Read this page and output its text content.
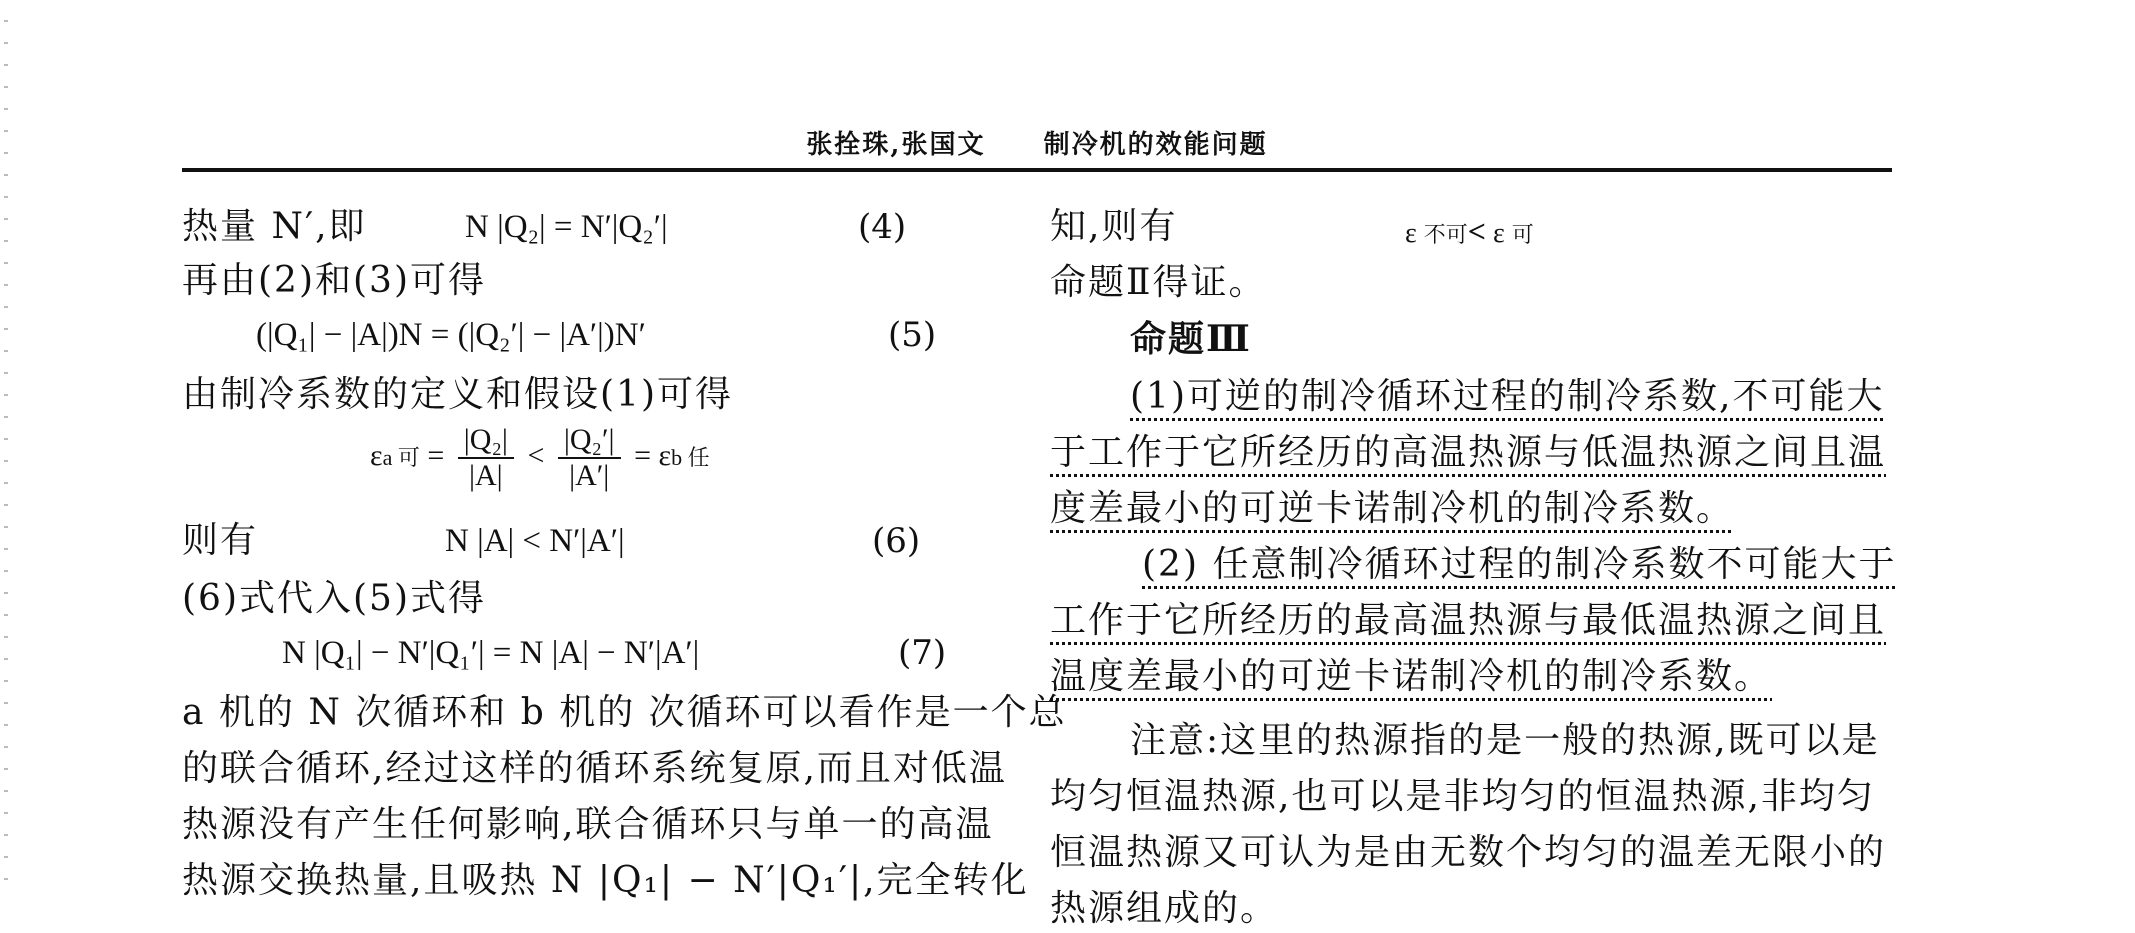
张拴珠,张国文 制冷机的效能问题
热量 N′,即	N |Q₂| = N′|Q₂′|	(4)
再由(2)和(3)可得
(|Q₁| − |A|)N = (|Q₂′| − |A′|)N′	(5)
由制冷系数的定义和假设(1)可得
εa 可 = $\frac{\text{|Q₂|}}{|A|} < \frac{\text{|Q₂′|}}{|A'|} = \varepsilon b$ 任
则有	N |A| < N′|A′|	(6)
(6)式代入(5)式得
N |Q₁| − N′|Q₁′| = N |A| − N′|A′|	(7)
a 机的 N 次循环和 b 机的 次循环可以看作是一个总
的联合循环,经过这样的循环系统复原,而且对低温
热源没有产生任何影响,联合循环只与单一的高温
热源交换热量,且吸热 N |Q₁| − N′|Q₁′|,完全转化
知,则有	ε 不可< ε 可
命题Ⅱ得证。
命题Ⅲ
(1)可逆的制冷循环过程的制冷系数,不可能大
于工作于它所经历的高温热源与低温热源之间且温
度差最小的可逆卡诺制冷机的制冷系数。
(2) 任意制冷循环过程的制冷系数不可能大于
工作于它所经历的最高温热源与最低温热源之间且
温度差最小的可逆卡诺制冷机的制冷系数。
注意:这里的热源指的是一般的热源,既可以是
均匀恒温热源,也可以是非均匀的恒温热源,非均匀
恒温热源又可认为是由无数个均匀的温差无限小的
热源组成的。
